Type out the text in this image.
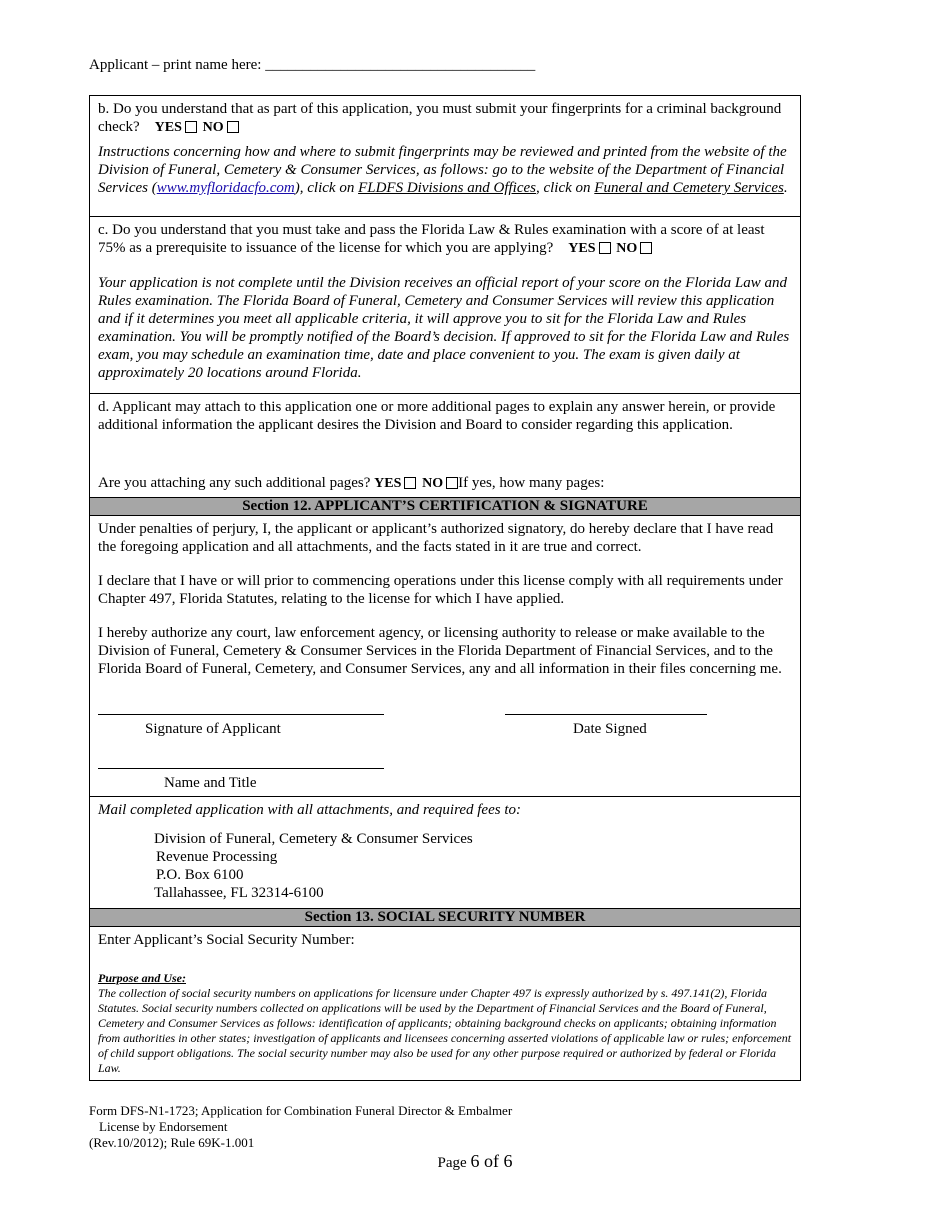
Applicant – print name here: ____________________________________

b. Do you understand that as part of this application, you must submit your fingerprints for a criminal background check? YES NO

Instructions concerning how and where to submit fingerprints may be reviewed and printed from the website of the Division of Funeral, Cemetery & Consumer Services, as follows: go to the website of the Department of Financial Services (www.myfloridacfo.com), click on FLDFS Divisions and Offices, click on Funeral and Cemetery Services.

c. Do you understand that you must take and pass the Florida Law & Rules examination with a score of at least 75% as a prerequisite to issuance of the license for which you are applying? YES NO

Your application is not complete until the Division receives an official report of your score on the Florida Law and Rules examination. The Florida Board of Funeral, Cemetery and Consumer Services will review this application and if it determines you meet all applicable criteria, it will approve you to sit for the Florida Law and Rules examination. You will be promptly notified of the Board’s decision. If approved to sit for the Florida Law and Rules exam, you may schedule an examination time, date and place convenient to you. The exam is given daily at approximately 20 locations around Florida.

d. Applicant may attach to this application one or more additional pages to explain any answer herein, or provide additional information the applicant desires the Division and Board to consider regarding this application.

Are you attaching any such additional pages? YES NO If yes, how many pages:

Section 12. APPLICANT’S CERTIFICATION & SIGNATURE

Under penalties of perjury, I, the applicant or applicant’s authorized signatory, do hereby declare that I have read the foregoing application and all attachments, and the facts stated in it are true and correct.

I declare that I have or will prior to commencing operations under this license comply with all requirements under Chapter 497, Florida Statutes, relating to the license for which I have applied.

I hereby authorize any court, law enforcement agency, or licensing authority to release or make available to the Division of Funeral, Cemetery & Consumer Services in the Florida Department of Financial Services, and to the Florida Board of Funeral, Cemetery, and Consumer Services, any and all information in their files concerning me.

Signature of Applicant	Date Signed
Name and Title

Mail completed application with all attachments, and required fees to:

Division of Funeral, Cemetery & Consumer Services
Revenue Processing
P.O. Box 6100
Tallahassee, FL 32314-6100
Section 13. SOCIAL SECURITY NUMBER

Enter Applicant’s Social Security Number:

Purpose and Use:

The collection of social security numbers on applications for licensure under Chapter 497 is expressly authorized by s. 497.141(2), Florida Statutes. Social security numbers collected on applications will be used by the Department of Financial Services and the Board of Funeral, Cemetery and Consumer Services as follows: identification of applicants; obtaining background checks on applicants; obtaining information from authorities in other states; investigation of applicants and licensees concerning asserted violations of applicable law or rules; enforcement of child support obligations. The social security number may also be used for any other purpose required or authorized by federal or Florida Law.

Form DFS-N1-1723; Application for Combination Funeral Director & Embalmer
License by Endorsement
(Rev.10/2012); Rule 69K-1.001
Page 6 of 6
